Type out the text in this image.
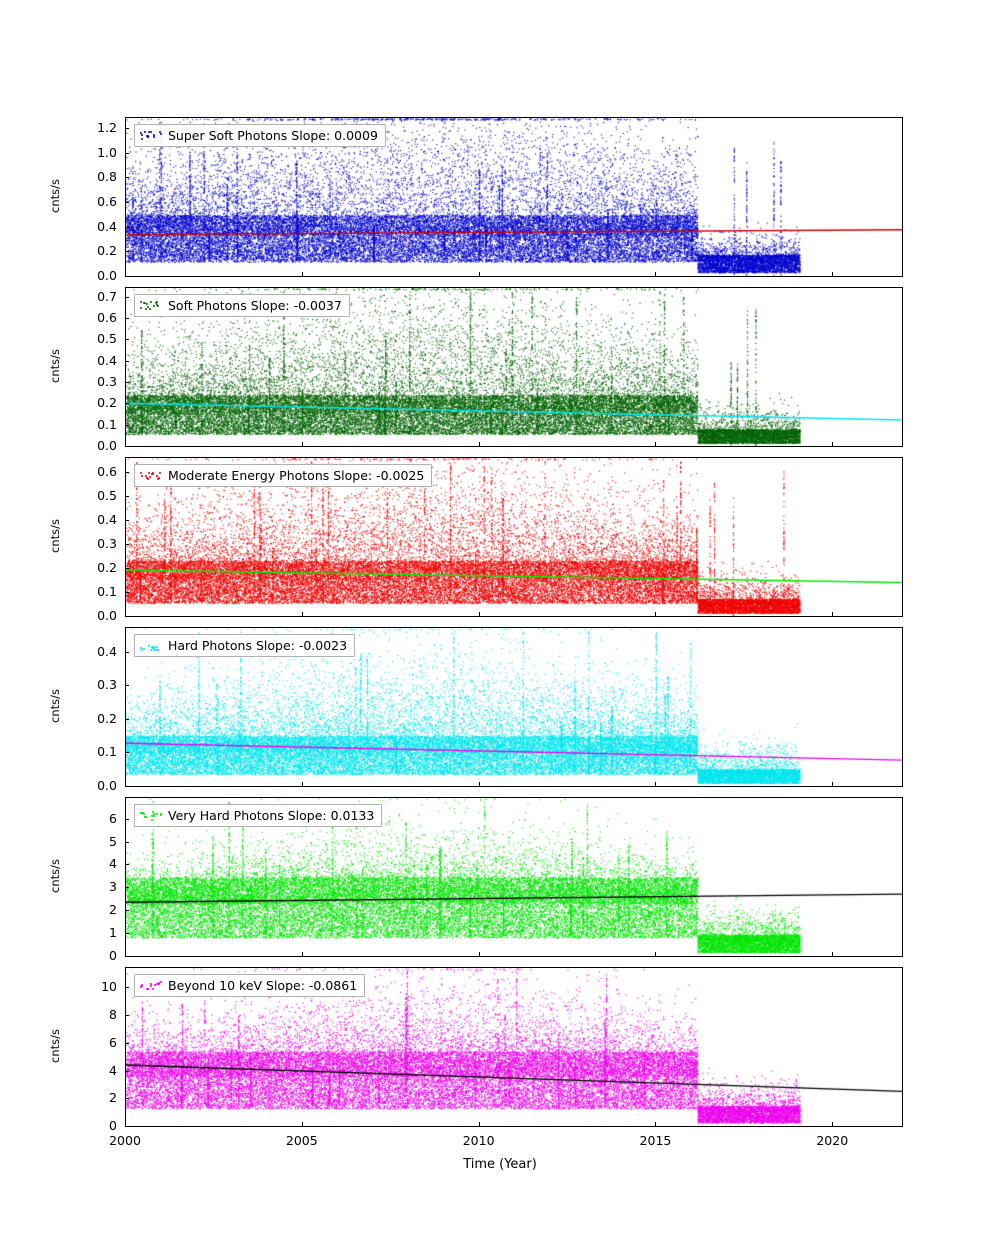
Super Soft Photons Slope: 0.0009
Soft Photons Slope: -0.0037
Moderate Energy Photons Slope: -0.0025
Hard Photons Slope: -0.0023
Very Hard Photons Slope: 0.0133
Beyond 10 keV Slope: -0.0861
Time (Year)
0.0
0.2
0.4
0.6
0.8
1.0
1.2
cnts/s
0.0
0.1
0.2
0.3
0.4
0.5
0.6
0.7
cnts/s
0.0
0.1
0.2
0.3
0.4
0.5
0.6
cnts/s
0.0
0.1
0.2
0.3
0.4
cnts/s
0
1
2
3
4
5
6
cnts/s
0
2
4
6
8
10
cnts/s
2000	2005	2010	2015	2020
